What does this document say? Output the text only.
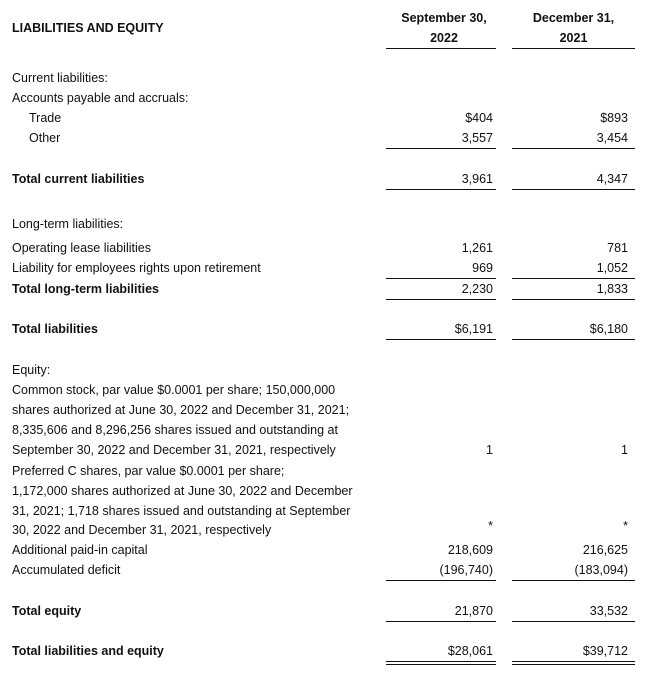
LIABILITIES AND EQUITY
September 30,
2022
December 31,
2021
Current liabilities:
Accounts payable and accruals:
Trade	$404	$893
Other	3,557	3,454
Total current liabilities	3,961	4,347
Long-term liabilities:
Operating lease liabilities	1,261	781
Liability for employees rights upon retirement	969	1,052
Total long-term liabilities	2,230	1,833
Total liabilities	$6,191	$6,180
Equity:
Common stock, par value $0.0001 per share; 150,000,000
shares authorized at June 30, 2022 and December 31, 2021;
8,335,606 and 8,296,256 shares issued and outstanding at
September 30, 2022 and December 31, 2021, respectively	1	1
Preferred C shares, par value $0.0001 per share;
1,172,000 shares authorized at June 30, 2022 and December
31, 2021; 1,718 shares issued and outstanding at September
30, 2022 and December 31, 2021, respectively	*	*
Additional paid-in capital	218,609	216,625
Accumulated deficit	(196,740)	(183,094)
Total equity	21,870	33,532
Total liabilities and equity	$28,061	$39,712
